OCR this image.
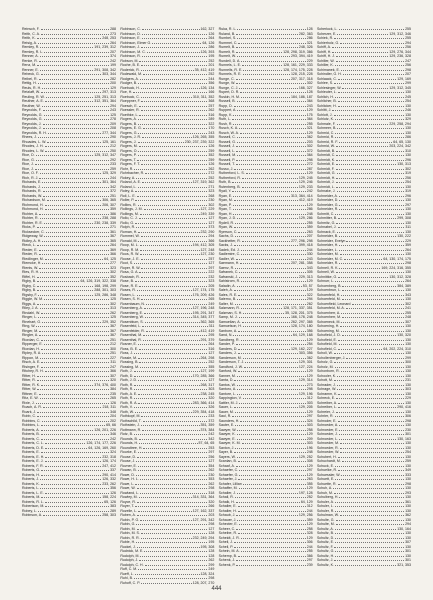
Reinsch, F.	288
Reith, C. A.	273
Reith, K.	248, 253
Reisig, A.	264
Remley, R.	191, 239, 312
Remley, R. L.	207
Renner, A.	374
Renke, R.	242
Renz, M.	199
Renner, E.	291, 308, 342
Rebeck, G.	303, 344
Reibel, R.	282
Rettig, H.	200
Reuls, R. H.	129
Retzlaff, W.	297, 313
Reuling, R. W.	125, 251, 313
Reuther, A. E.	312, 351, 364
Reuther, W.	294
Reynolds, F.	243
Reynolds, G.	125
Reynolds, G.	278
Reynolds, J.	209
Reynolds, J.	208
Reynolds, R. H.	277, 344
Rhees, J.	290
Rhoades, L. W.	125, 161
Rhodes, J. H.	212
Rhodes, L. W.	250
Rice, D.	125, 312, 347
Rice, G.	292
Rice, J.	233
Rice, J.	259
Rice, O. F.	125, 329
Rich, R. J.	244
Richards, E.	301, 364
Richards, J.	342
Richards, R.	372
Richards, W.	251
Richardson, M.	306, 365
Richmond, H.	206, 307
Richmond, H.	359
Richter, A.	386
Richter, R.	238, 288
Richter, R. E.	230, 238, 339
Ricks, P.	271
Ricksecker, C.	361
Ridgeway, W.	367
Ridley, A. H.	365
Rieck, L.	264
Rieder, E.	369
Rieder, R.	366
Riedlinger, M.	64, 125
Riemcke, H.	277
Rients, W.	323
Ries, R. H.	302
Riffel, H.	352
Rigby, B.	64, 126, 319, 322, 338
Rigby, C.	168, 198, 299
Rigby, B.	288, 301, 303
Rigsby, F.	125, 286, 348
Riggle, W. M.	125
Riggs, A.	302
Riley, J. A.	313
Rindahl, W.	262
Ringer, L.	125
Rinehart, G.	229, 352
Ring, W.	367
Ringer, M.	367
Ringler, A.	367
Riordan, C.	251
Ripperger, E.	212
Riordan, H.	300
Ripley, R. A.	251
Rippon, M.	227
Risch, A. E.	311
Risinger, F.	247
Ritchey, R. H.	366
Ritter, H.	307
Ritter, R.	320
Ritter, R. K.	374, 376, 400
Ritter, W.	384
Rittner, E.	235
Ritz, E. W.	265
Rixie, J.	126
Roach, A. R.	218, 311
Roark, J.	348
Robb, C.	204
Robbins, C.	202
Robbins, L.	65, 66
Roberts, A.	126, 201, 226
Roberts, B.	346
Roberts, C.	242
Roberts, C. L.	126, 174, 177, 226
Roberts, D. E.	64, 126, 169, 260
Roberts, E.	324
Roberts, E. H.	232, 318
Roberts, E. J.	126, 174
Roberts, F. R.	247, 412
Roberts, G.	337
Roberts, H.	290, 414
Roberts, J.	126, 332
Roberts, K.	233, 262
Roberts, L.	356
Roberts, L. E.	126
Roberts, M.	158, 224
Roberts, R. L.	65, 126
Robertson, M.	383
Robey, L.	289
Robinson, A.	258, 303
Robinson, C.	162, 327
Robinson, D.	126
Robinson, E.	264
Robinson, Elmer G.	64, 126
Robinson, J.	286
Robinson, M. C.	126, 393
Robinson, R.	195
Robson, M.	252
Roche, B. E.	201
Roderick, R.	35, 412, 419
Rodewald, M.	252
Rodgers, A.	244
Rodger, B.	356
Roebuck, H.	126, 134
Roe, H.	166
Roebuck, C.	310, 311, 352
Roeppner, F.	368
Roesch, E.	257
Roessler, R.	262
Roethke, L.	316
Rogers, A.	289
Rogers, B.	322
Rogers, E. G.	170
Rogers, G.	243
Rogers, J. R.	126, 265, 355
Rogers, J.	230, 237, 239, 322
Rogers, M.	126
Rogers, O.	259
Rogers, P.	352
Rogers, T.	259
Rogers, F. T.	126
Rohr, R.	262
Rohrbacher, R.	272
Rokey, A.	252
Roland, A. E.	127, 319, 362
Roland, L.	271
Roley, A.	323
Roll, L. E.	268
Roller, P.	230
Rollins, R.	302
Rollings, J. M.	127, 229
Rollings, M.	249, 339
Rollo, C. J.	127
Rollo, G.	127
Rolph, R.	373
Roman, H.	232, 290
Rommel, W.	294
Ronald, M.	366
Roop, M. L.	194, 412, 305
Roop, R. M.	127, 248
Roos, R. W.	127, 230
Roose, J. E.	257
Root, S.	127
Roper, R. W.	297
Rosa, G. A.	222
Rosbach, R.	232
Rose, B.	323
Rose, R. E.	205
Roses, R.	127, 174, 175
Rosen, L.	176, 209, 426
Rosen, S. H.	265
Rosenbaum, N.	249
Rosenberg, A.	127, 196, 248
Rosenberg, E.	195, 291, 347
Rosenberg, W.	314, 345, 377
Rosenblum, S.	362, 365
Rosenfeld, L.	311
Rosenfelder, R.	412, 419
Rosenthal, M.	295
Rosenthal, R.	291, 379
Rosner, E.	264
Ross, B. E.	316
Ross, J.	127
Rossie, M.	264, 298
Rossing, B.	252
Rossing, M.	355
Roth, J.	127, 199
Roth, D.	170, 285, 366
Roth, J. D.	127
Roth, R.	268, 317
Roth, R.	303
Roth, A. E.	238, 245
Roth, R.	320
Roth, R. A.	283, 366, 414
Roth, V.	326
Roth, W.	229, 354, 418
Rothkopf, M.	233
Rothschild, T.	372
Rothstein, J.	351, 359
Rottmann, R.	374, 384
Rotz, B.	242
Rounds, B.	342
Rounds, H.	57, 64, 65
Roundtree, H.	253
Rourke, E.	297
Rouse, D.	256
Rouse, J.	127
Rovner, E.	354
Rowan, B.	262
Rowe, D.	230
Rowe, H. L.	353
Rowe, L.	262
Rowe, W.	298
Rowland, L.	318
Rowley, M.	314, 331, 364
Royce, R.	320
Royer, T.	266
Rozelle, L.	127, 162, 337
Ruben, A.	203
Rubin, P. G.	127, 291, 342
Rubin, G.	298
Rubin, M.	127
Rubin, M. S.	128
Rubin, R. R.	232, 249, 294
Ruble, H.	195
Ruckel, J.	195, 308
Rudnick, M. E.	128
Rudolph, M.	128
Rudolph, J.	262
Rudolph, C. H.	299
Ruff, C. M.	249
Rueff, L.	128, 324
Ruhl, B.	298
Ruhoff, C. P.	128, 207, 270
Ruka, R. L.	128
Ruland, B.	282, 363
Rumbel, S.	286
Rummel, C.	321
Rumelt, B.	248, 326
Rumelt, R.	128, 298, 319, 366
Rumelt, W.	293, 394, 419
Rundell, D. A.	229
Runnels, L. E.	128, 161, 229, 333
Runnells, R. E.	128, 174, 175, 228
Runnels, R. E.	128, 215, 228
Runge, C.	207, 317, 318
Runge, W.	302
Runge, C. J.	166, 327
Rupert, D. R.	128
Ruskin, H. M.	184, 186, 187
Russell, B.	364
Rupp, D.	243
Ruppert, A.	129
Rupp, K.	175
Ruth, L.	364
Rush, R.	255
Rusch, K. A.	321
Rusch, W. A.	129
Russell, C.	362
Russell, G.	203
Russell, J.	302
Russell, L.	372
Russell, M.	364
Russell, P.	298
Russell, T.	272
Russo, J.	287
Rutherford, L. S.	129
Rutherford, R.	129, 245
Ruth, B.	129, 246
Rutenberg, B.	129, 233
Ryall, Y.	242
Ryan, E.	313, 364, 414
Ryan, M.	412, 419
Ryan, P.	129
Ryan, T.	286
Ryan, H.	248
Ryan, J. D.	129, 286
Rydell, R.	255
Ryan, W.	359
Ryerson, C.	263
Sachs, D.	207
Sackheiter, R.	277, 296, 298
Sacks, J.	399, 418
Sadek, Ed. J.	244
Sadlemire, C.	330
Sadler, W.	243
Saemann, H.	207, 281, 358
Saenz, R.	343
Safranek, C.	305
Safranski, J.	229, 313
Sahlstrom, R.	129
Saladin, A.	53, 57
Saleh, A.	129
Sales, R. E.	322
Salerno, B.	294
Salter, M.	262
Salzmann, R.	128, 171, 337, 351
Salzman, S. H.	35, 128, 201, 375
Samp, M. J.	166, 178, 248
Samuelian, A.	262, 297, 365
Samuelson, H.	128, 174, 180
Sanborn, A.	356
Sand, N.	64, 129, 168
Sandberg, R.	129
Sander, P.	254
Sanders, D.	129, 162, 227
Sanders, J.	303, 356
Sanderson, M.	362
Sanderson, T. J.	129, 301
Sandford, J. W.	127, 224
Sanford, W.	129
Sanner, M.	129
Santa, D.	129, 314
Santos, W.	273
Santoro, A.	298
Santore, L.	129, 196
Sappington, V.	312
Sattler, M. J.	303
Sauer, L.	129, 205
Sauer, M.	129
Saul, R.	297
Saunders, H.	324
Sauter, E.	303
Sawyer, W.	258
Sawyer, K.	129
Sawyer, E.	209
Sawyer, K. M.	303
Saxton, J.	196
Sayer, B.	248
Sayers, W.	129, 252
Scanlan, B.	308
Schaaf, A.	129
Schaefer, C.	297
Schaefer, G.	129
Schaefer, J.	263
Schafer, Lillian	355
Schaffer, M.	129
Schaller, J.	197, 128
Schall, R.	252
Schalk, H.	64, 129
Schaller, E.	312
Schaller, H.	244
Schaub, J.	129, 256
Schauer, J.	359
Schecter, E.	129
Scheer, C.	258
Scheibe, R.	328
Scheidt, J. R.	129
Schell, J.	306
Schell, P.	244
Schein, M. A.	255
Schemp, B.	366
Schenk, J.	297
Schenk, P.	239
Scherlock, L.	255
Scherzer, E.	129, 312, 346
Schiek, R.	255
Schierholz, G.	294
Schiff, A.	256
Schiff, H.	129, 276, 344
Schiff, H. J.	129, 236, 328
Schiller, W.	247
Schiller, K.	256
Schimanek, E.	298
Schindler, G. H.	207
Schlaack, C.	129, 169
Schlee, S.	299
Schlesinger, W.	129, 312, 345
Schleuter, L.	130
Schlich, H.	245
Schlicher, B.	254
Schlicker, H.	130
Schlitt, J.	246
Schlott, J.	130
Schlutz, K.	329
Schmale, F.	229, 258, 294
Schmeer, B.	130
Schmid, C.	130
Schmid, R.	286
Schmid, R. F.	64, 65, 130
Schmid, W.	203, 224, 342
Schmidt, B.	310
Schmidt, C.	130
Schmidt, K.	296
Schmidt, E.	130, 313
Schmidt, F.	302
Schmidt, G.	319
Schmidt, H.	256
Schmidt, J.	254
Schmidt, L.	130
Schnake, J.	319
Schneider, A.	296
Schneider, D.	130
Schneider, G.	297
Schneider, R.	130
Schmitt, C.	130
Schmitter, B.	299, 308
Schmitz, G.	130
Schnabel, J.	311
Schnack, E.	130
Schneider, B.	130, 222
Schneider, Evelyn	229
Schneider, H.	359
Schneider, L.	264
Schneider, M.	130
Schneider, M. C.	64, 130, 174, 175
Schneider, R.	298
Schnell, R. K.	169, 224, 316, 355
Schnell, W.	130
Schnittke, G.	130, 312, 328
Schnurr, L.	264
Schoenberg, B.	384, 389
Schoenbrun, L.	130
Schoenfeld, H.	343
Schoenfeld, M.	130
Schoenfield, Leonard	302
Schoenfeld, M. A.	241
Schoenherr, A.	255
Schoenherr, M.	248
Schoeneck, M.	307
Schoening, H.	130
Schoening, M.	130
Schofield, J. D.	130, 320
Schofield, E.	130
Schofield, M.	130
Schofield, C.	64, 202, 224, 310
Scholl, W.	130
Schollenberger, J.	299
Scholz, G.	300
Scholz, M.	130
Schonborn, R.	130
Schooler, K.	130
Schott, M.	231
Schrader, J.	130
Schrage, W.	303
Schramm, K.	130
Schreck, E.	229
Schreiber, A.	130
Schreiber, L.	290, 416
Schreier, J.	130
Schrier, R.	306
Schroder, E.	298
Schroeder, A.	130
Schroeder, E.	230
Schroeder, J.	301
Schroeder, L.	130, 163
Schroeder, M.	130
Schroeder, R.	130
Schroeder, W.	254
Schubert, H.	130
Schuchardt, M.	259
Schuck, E.	130
Schuelke, R.	349
Schuessler, W.	333
Schuett, E.	130
Schuette, R.	298
Schuh, A.	130
Schuh, M.	293
Schulberg, H.	130
Schuler, A.	361
Schuler, L.	130
Schuler, R.	130
Schulman, W.	362
Schulte, G.	130
Schulte, M.	294
Schultz, A.	130, 164
Schultz, B.	130
Schultz, D.	130
Schultz, E.	307
Schultz, F.	130
Schultz, G.	301
Schultz, H.	130
Schultz, J.	301
Schultz, K.	321, 353
444
